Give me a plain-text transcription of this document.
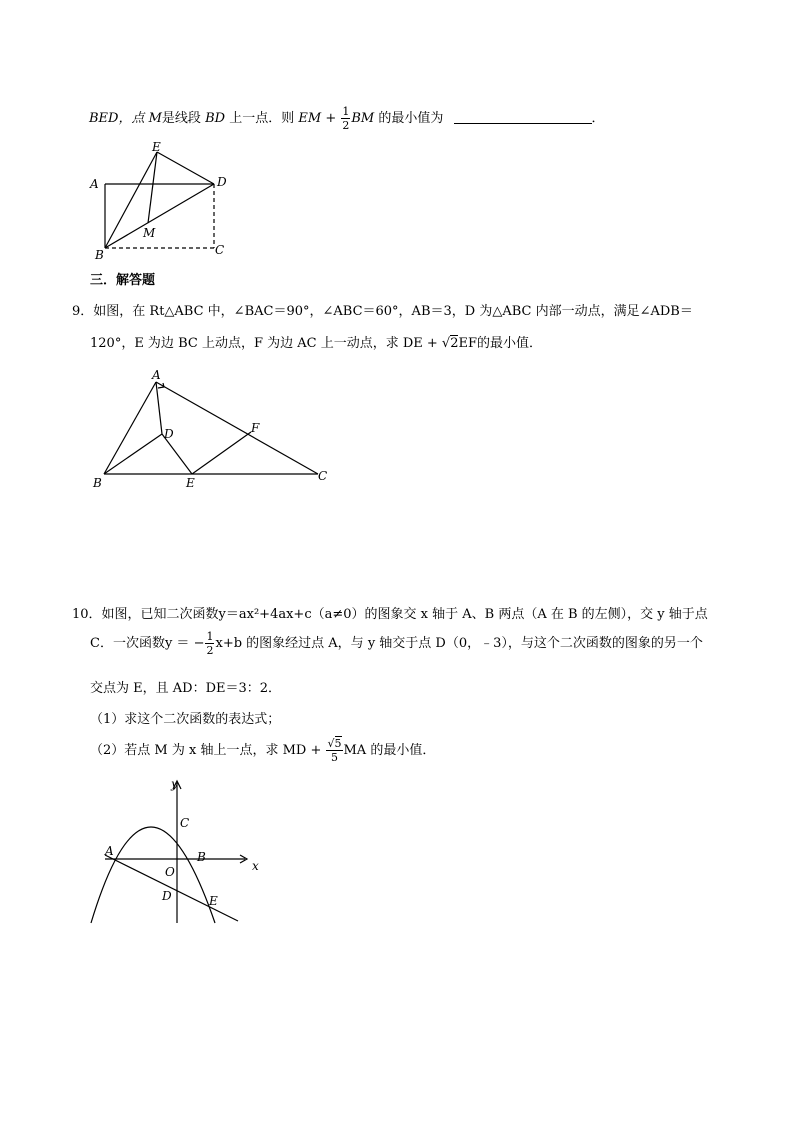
BED，点 M是线段 BD 上一点．则 EM + $\frac{1}{2}$ BM 的最小值为	．
E
A	D
B
M
C
三．解答题
9．如图，在 Rt△ABC 中，∠BAC＝90°，∠ABC＝60°，AB＝3，D 为△ABC 内部一动点，满足∠ADB＝
120°，E 为边 BC 上动点，F 为边 AC 上一动点，求 DE + √2EF的最小值．
A
D	F
B	E	C
10．如图，已知二次函数y＝ax²+4ax+c（a≠0）的图象交 x 轴于 A、B 两点（A 在 B 的左侧），交 y 轴于点
C．一次函数y ＝ − $\frac{1}{2} x+b$ 的图象经过点 A，与 y 轴交于点 D（0，﹣3），与这个二次函数的图象的另一个
交点为 E，且 AD：DE＝3：2．
（1）求这个二次函数的表达式；
（2）若点 M 为 x 轴上一点，求 MD + $\frac{√5}{5}$ MA 的最小值．
y
C
A	B
x
O
D	E
